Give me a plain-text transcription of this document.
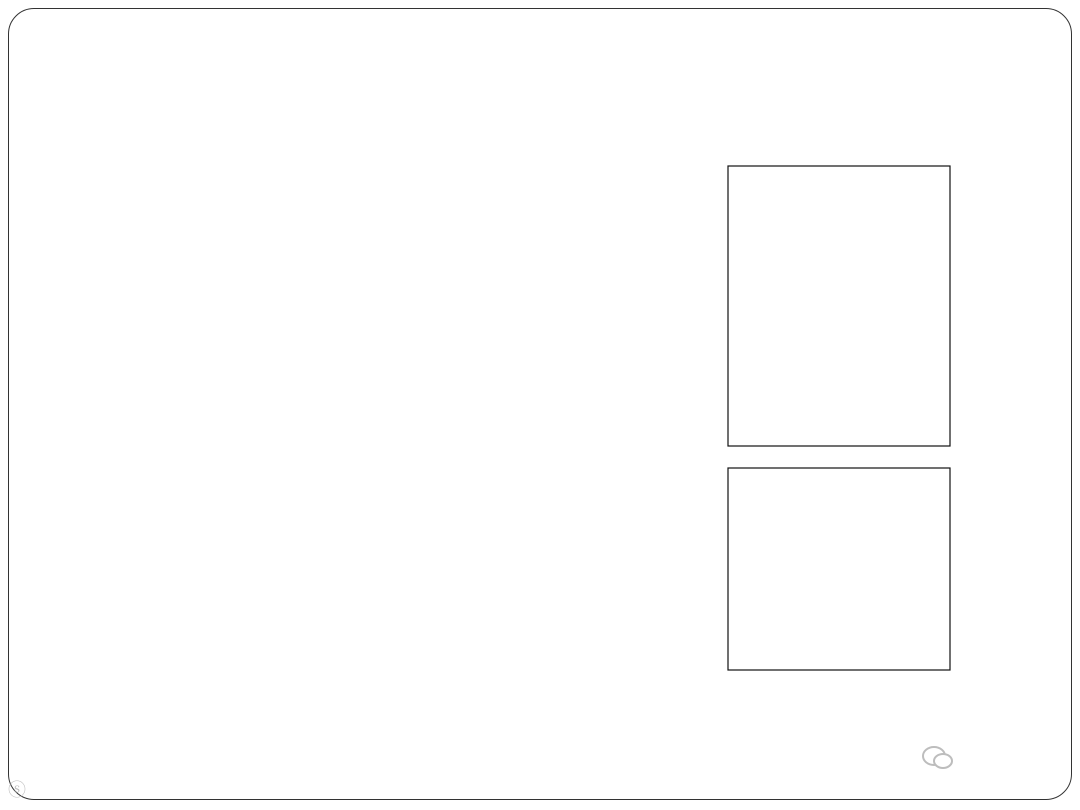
ⓢ
